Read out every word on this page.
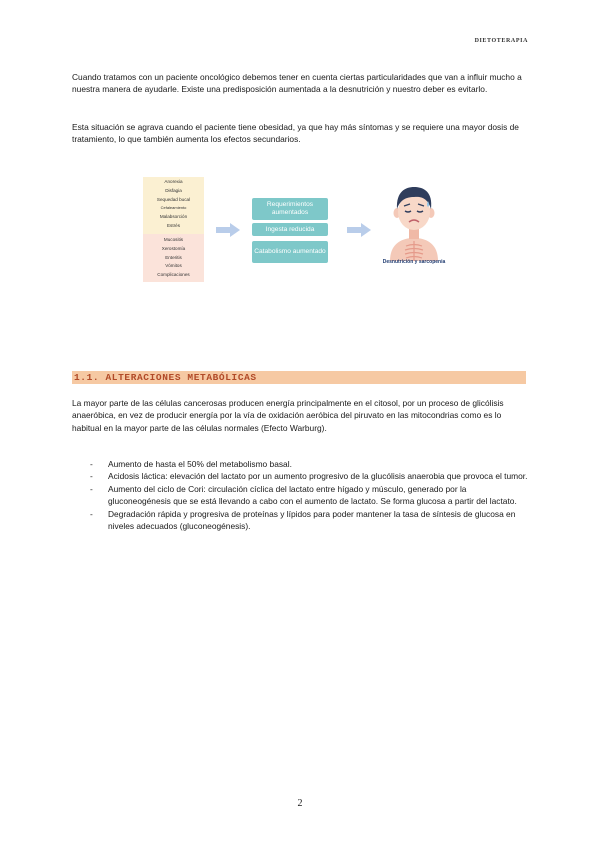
DIETOTERAPIA

Cuando tratamos con un paciente oncológico debemos tener en cuenta ciertas particularidades que van a influir mucho a nuestra manera de ayudarle. Existe una predisposición aumentada a la desnutrición y nuestro deber es evitarlo.

Esta situación se agrava cuando el paciente tiene obesidad, ya que hay más síntomas y se requiere una mayor dosis de tratamiento, lo que también aumenta los efectos secundarios.

Anorexia
Disfagia
Sequedad bucal
Cefaleamiento
Malabsorción
Estrés
Mucositis
Xerostomía
Enteritis
Vómitos
Complicaciones
Requerimientos aumentados
Ingesta reducida
Catabolismo aumentado
Desnutrición y sarcopenia
1.1. ALTERACIONES METABÓLICAS

La mayor parte de las células cancerosas producen energía principalmente en el citosol, por un proceso de glicólisis anaeróbica, en vez de producir energía por la vía de oxidación aeróbica del piruvato en las mitocondrias como es lo habitual en la mayor parte de las células normales (Efecto Warburg).

- Aumento de hasta el 50% del metabolismo basal.
- Acidosis láctica: elevación del lactato por un aumento progresivo de la glucólisis anaerobia que provoca el tumor.
- Aumento del ciclo de Cori: circulación cíclica del lactato entre hígado y músculo, generado por la gluconeogénesis que se está llevando a cabo con el aumento de lactato. Se forma glucosa a partir del lactato.
- Degradación rápida y progresiva de proteínas y lípidos para poder mantener la tasa de síntesis de glucosa en niveles adecuados (gluconeogénesis).
2
